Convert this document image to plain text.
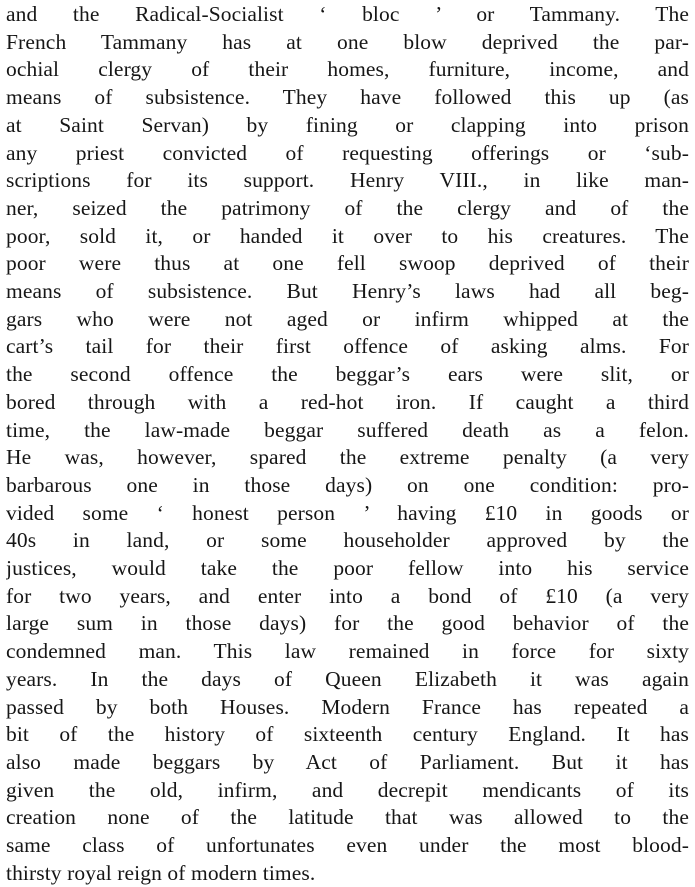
and the Radical-Socialist ‘ bloc ’ or Tammany. The
French Tammany has at one blow deprived the par-
ochial clergy of their homes, furniture, income, and
means of subsistence. They have followed this up (as
at Saint Servan) by fining or clapping into prison
any priest convicted of requesting offerings or ‘sub-
scriptions for its support. Henry VIII., in like man-
ner, seized the patrimony of the clergy and of the
poor, sold it, or handed it over to his creatures. The
poor were thus at one fell swoop deprived of their
means of subsistence. But Henry’s laws had all beg-
gars who were not aged or infirm whipped at the
cart’s tail for their first offence of asking alms. For
the second offence the beggar’s ears were slit, or
bored through with a red-hot iron. If caught a third
time, the law-made beggar suffered death as a felon.
He was, however, spared the extreme penalty (a very
barbarous one in those days) on one condition: pro-
vided some ‘ honest person ’ having £10 in goods or
40s in land, or some householder approved by the
justices, would take the poor fellow into his service
for two years, and enter into a bond of £10 (a very
large sum in those days) for the good behavior of the
condemned man. This law remained in force for sixty
years. In the days of Queen Elizabeth it was again
passed by both Houses. Modern France has repeated a
bit of the history of sixteenth century England. It has
also made beggars by Act of Parliament. But it has
given the old, infirm, and decrepit mendicants of its
creation none of the latitude that was allowed to the
same class of unfortunates even under the most blood-
thirsty royal reign of modern times.
